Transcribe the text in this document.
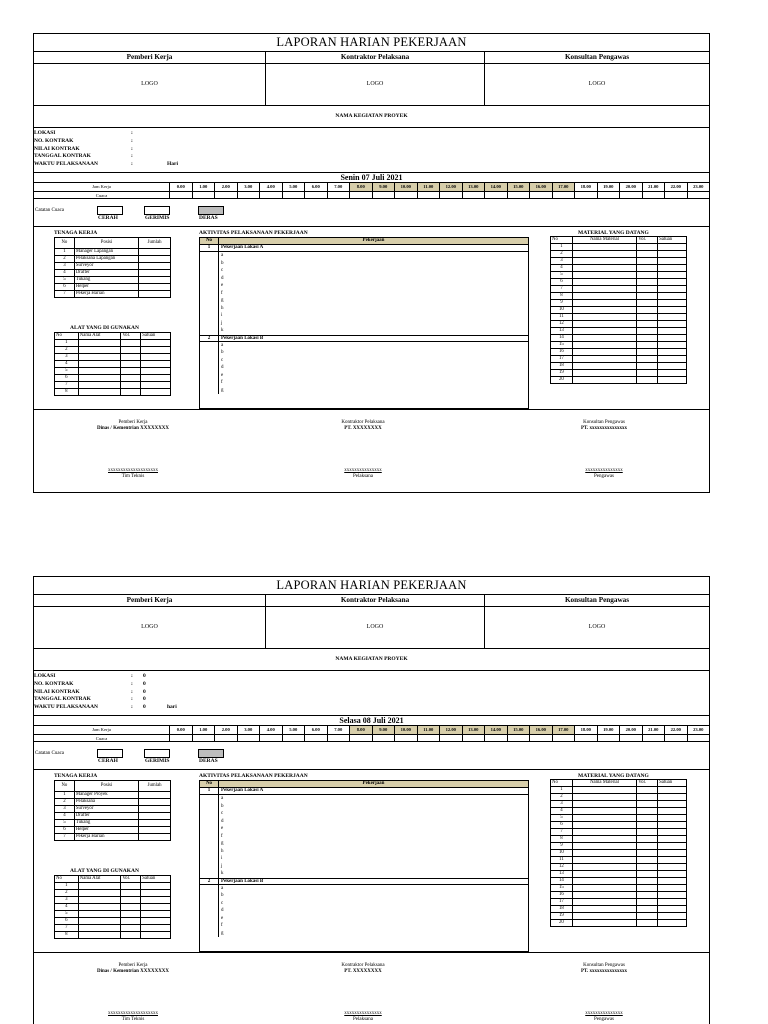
LAPORAN HARIAN PEKERJAAN
Pemberi Kerja	Kontraktor Pelaksana	Konsultan Pengawas
LOGO	LOGO	LOGO
NAMA KEGIATAN PROYEK
LOKASI	:
NO. KONTRAK	:
NILAI KONTRAK	:
TANGGAL KONTRAK	:
WAKTU PELAKSANAAN	:	Hari
Senin 07 Juli 2021
Jam Kerja
Cuaca
0.00	1.00	2.00	3.00	4.00	5.00	6.00	7.00	8.00	9.00	10.00	11.00	12.00	13.00	14.00	15.00	16.00	17.00	18.00	19.00	20.00	21.00	22.00	23.00
Catatan Cuaca
CERAH	GERIMIS	DERAS
TENAGA KERJA
No	Posisi	Jumlah
1	Manager Lapangan	
2	Pelaksana Lapangan	
3	Surveyor	
4	Drafter	
5	Tukang	
6	Helper	
7	Pekerja Harian	
ALAT YANG DI GUNAKAN
No	Nama Alat	Vol.	Satuan
1			
2			
3			
4			
5			
6			
7			
8			
AKTIVITAS PELAKSANAAN PEKERJAAN
No	Pekerjaan
1	Pekerjaan Lokasi A
a
b
c
d
e
f
g
h
i
j
k
2	Pekerjaan Lokasi B
a
b
c
d
e
f
g
MATERIAL YANG DATANG
No	Nama Material	Vol.	Satuan
1			
2			
3			
4			
5			
6			
7			
8			
9			
10			
11			
12			
13			
14			
15			
16			
17			
18			
19			
20			
Pemberi Kerja
Dinas / Kementrian XXXXXXXX
xxxxxxxxxxxxxxxxxxxx
Tim Teknis
Kontraktor Pelaksana
PT. XXXXXXXX
xxxxxxxxxxxxxxx
Pelaksana
Konsultan Pengawas
PT. xxxxxxxxxxxxxxx
xxxxxxxxxxxxxxx
Pengawas
LAPORAN HARIAN PEKERJAAN
Pemberi Kerja	Kontraktor Pelaksana	Konsultan Pengawas
LOGO	LOGO	LOGO
NAMA KEGIATAN PROYEK
LOKASI	:	0
NO. KONTRAK	:	0
NILAI KONTRAK	:	0
TANGGAL KONTRAK	:	0
WAKTU PELAKSANAAN	:	0	hari
Selasa 08 Juli 2021
Jam Kerja
Cuaca
0.00	1.00	2.00	3.00	4.00	5.00	6.00	7.00	8.00	9.00	10.00	11.00	12.00	13.00	14.00	15.00	16.00	17.00	18.00	19.00	20.00	21.00	22.00	23.00
Catatan Cuaca
CERAH	GERIMIS	DERAS
TENAGA KERJA
No	Posisi	Jumlah
1	Manager Proyek	
2	Pelaksana	
3	Surveyor	
4	Drafter	
5	Tukang	
6	Helper	
7	Pekerja Harian	
ALAT YANG DI GUNAKAN
No	Nama Alat	Vol.	Satuan
1			
2			
3			
4			
5			
6			
7			
8			
AKTIVITAS PELAKSANAAN PEKERJAAN
No	Pekerjaan
1	Pekerjaan Lokasi A
a
b
c
d
e
f
g
h
i
j
k
2	Pekerjaan Lokasi B
a
b
c
d
e
f
g
MATERIAL YANG DATANG
No	Nama Material	Vol.	Satuan
1			
2			
3			
4			
5			
6			
7			
8			
9			
10			
11			
12			
13			
14			
15			
16			
17			
18			
19			
20			
Pemberi Kerja
Dinas / Kementrian XXXXXXXX
xxxxxxxxxxxxxxxxxxxx
Tim Teknis
Kontraktor Pelaksana
PT. XXXXXXXX
xxxxxxxxxxxxxxx
Pelaksana
Konsultan Pengawas
PT. xxxxxxxxxxxxxxx
xxxxxxxxxxxxxxx
Pengawas
